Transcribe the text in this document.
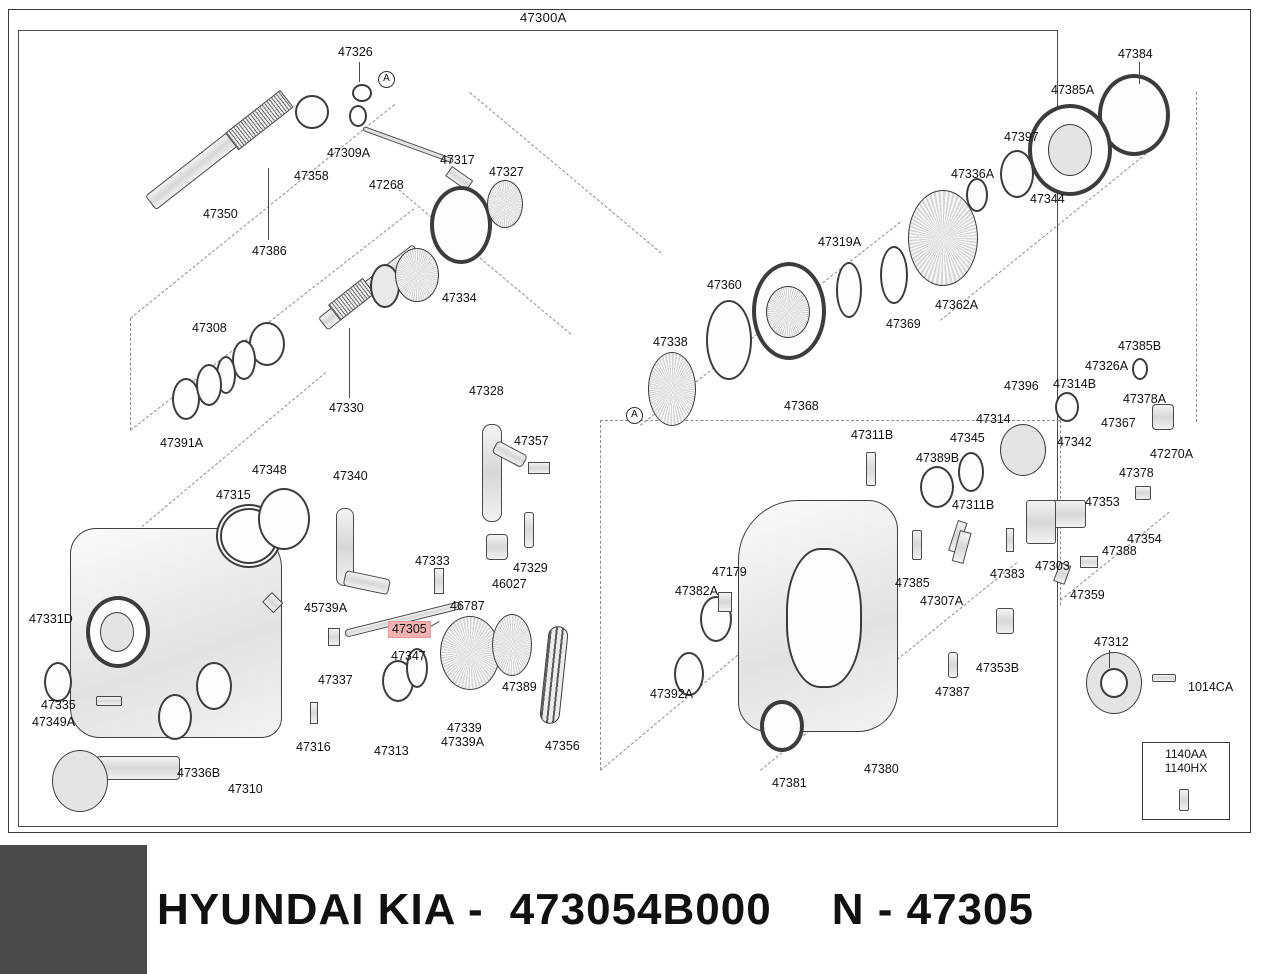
47300A
1140AA
1140HX
A
A
47305
47326	47384
47385A
47397
47309A	47317
47327	47336A
47358
47268
47344
47350
47386
47319A
47360
47334	47362A
47369
47308
47338
47368
47385B
47326A
47330
47328	47396 47314B
47378A
47367
47314
47391A	47357	47311B	47345	47342
47270A
47348	47340
47389B
47378
47315
47311B	47353
47354
47333	47329
46027
47388
47303
47383
47359
47179
47382A
47385
47307A
45739A
47331D
46787
47347
47389
47312
47353B
1014CA
47337
47392A	47387
47335
47349A	47339
47339A
47313	47356
47316
47336B
47310	47381
47380
HYUNDAI KIA - 473054B000 N - 47305
